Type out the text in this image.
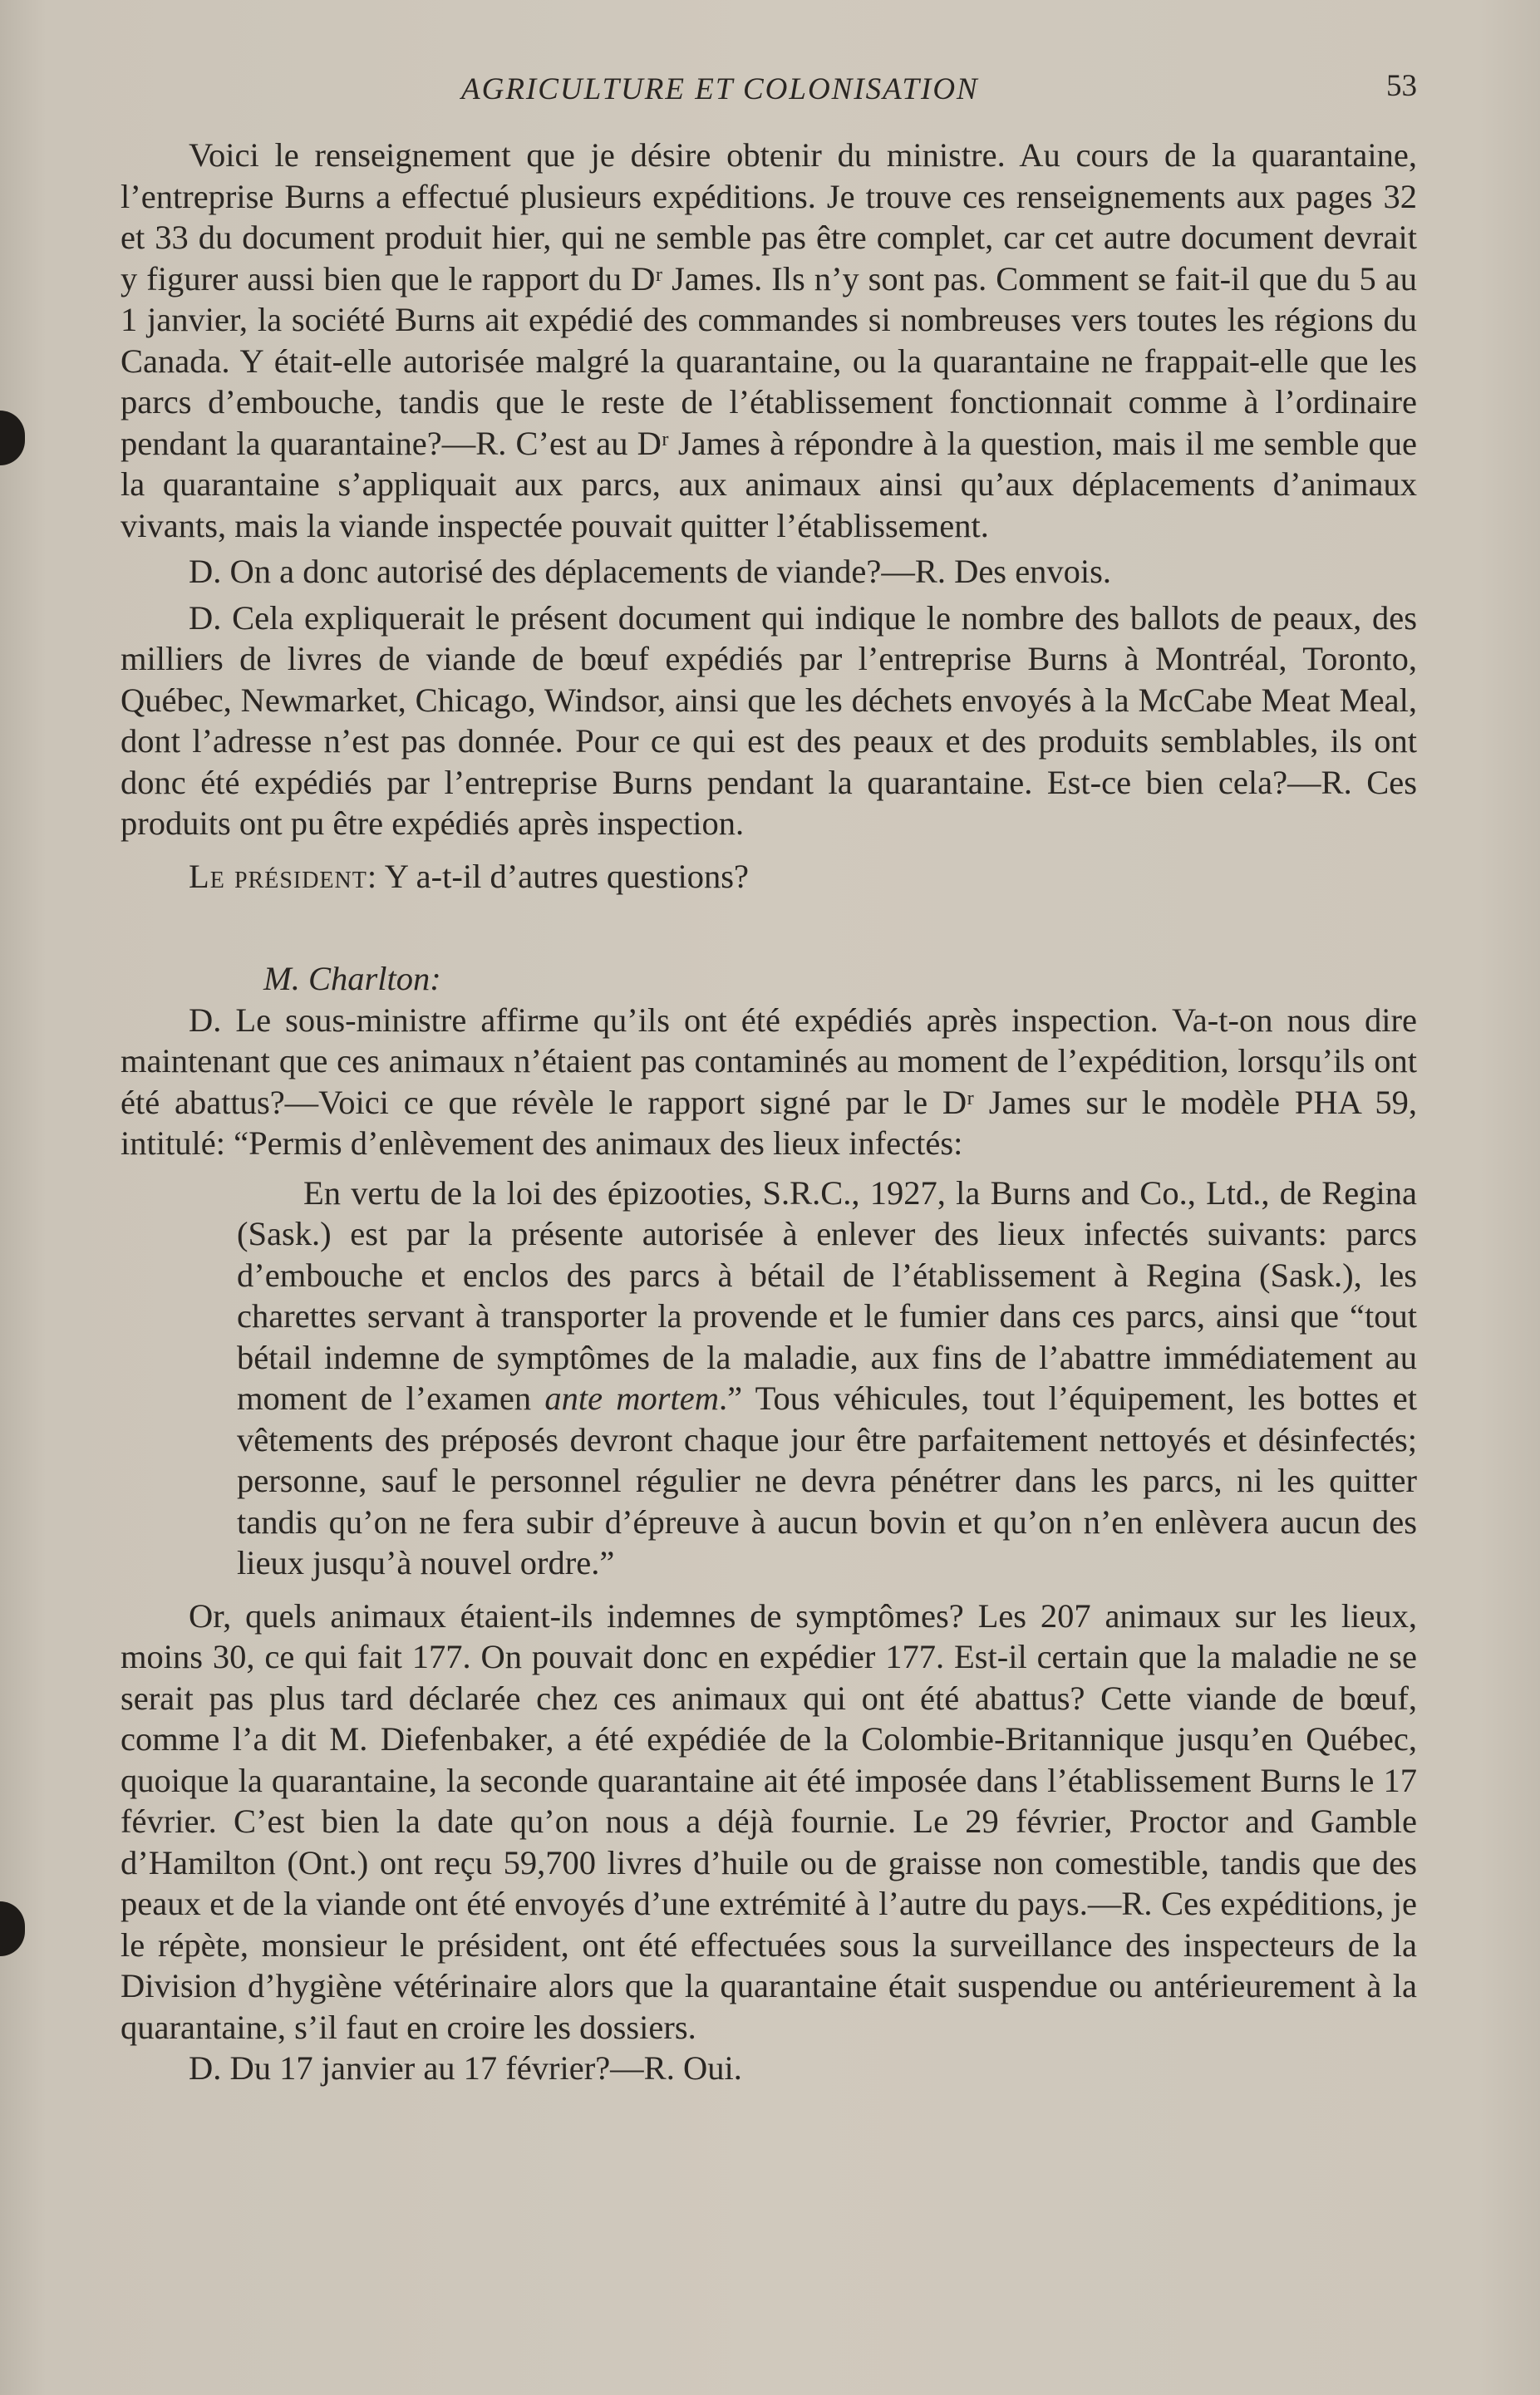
AGRICULTURE ET COLONISATION	53

Voici le renseignement que je désire obtenir du ministre. Au cours de la quarantaine, l’entreprise Burns a effectué plusieurs expéditions. Je trouve ces renseignements aux pages 32 et 33 du document produit hier, qui ne semble pas être complet, car cet autre document devrait y figurer aussi bien que le rapport du Dʳ James. Ils n’y sont pas. Comment se fait-il que du 5 au 1 janvier, la société Burns ait expédié des commandes si nombreuses vers toutes les régions du Canada. Y était-elle autorisée malgré la quarantaine, ou la quarantaine ne frappait-elle que les parcs d’embouche, tandis que le reste de l’établissement fonctionnait comme à l’ordinaire pendant la quarantaine?—R. C’est au Dʳ James à répondre à la question, mais il me semble que la quarantaine s’appliquait aux parcs, aux animaux ainsi qu’aux déplacements d’animaux vivants, mais la viande inspectée pouvait quitter l’établissement.

D. On a donc autorisé des déplacements de viande?—R. Des envois.

D. Cela expliquerait le présent document qui indique le nombre des ballots de peaux, des milliers de livres de viande de bœuf expédiés par l’entreprise Burns à Montréal, Toronto, Québec, Newmarket, Chicago, Windsor, ainsi que les déchets envoyés à la McCabe Meat Meal, dont l’adresse n’est pas donnée. Pour ce qui est des peaux et des produits semblables, ils ont donc été expédiés par l’entreprise Burns pendant la quarantaine. Est-ce bien cela?—R. Ces produits ont pu être expédiés après inspection.

Le président: Y a-t-il d’autres questions?

M. Charlton:

D. Le sous-ministre affirme qu’ils ont été expédiés après inspection. Va-t-on nous dire maintenant que ces animaux n’étaient pas contaminés au moment de l’expédition, lorsqu’ils ont été abattus?—Voici ce que révèle le rapport signé par le Dʳ James sur le modèle PHA 59, intitulé: “Permis d’enlèvement des animaux des lieux infectés:

En vertu de la loi des épizooties, S.R.C., 1927, la Burns and Co., Ltd., de Regina (Sask.) est par la présente autorisée à enlever des lieux infectés suivants: parcs d’embouche et enclos des parcs à bétail de l’établissement à Regina (Sask.), les charettes servant à transporter la provende et le fumier dans ces parcs, ainsi que “tout bétail indemne de symptômes de la maladie, aux fins de l’abattre immédiatement au moment de l’examen ante mortem.” Tous véhicules, tout l’équipement, les bottes et vêtements des préposés devront chaque jour être parfaitement nettoyés et désinfectés; personne, sauf le personnel régulier ne devra pénétrer dans les parcs, ni les quitter tandis qu’on ne fera subir d’épreuve à aucun bovin et qu’on n’en enlèvera aucun des lieux jusqu’à nouvel ordre.”

Or, quels animaux étaient-ils indemnes de symptômes? Les 207 animaux sur les lieux, moins 30, ce qui fait 177. On pouvait donc en expédier 177. Est-il certain que la maladie ne se serait pas plus tard déclarée chez ces animaux qui ont été abattus? Cette viande de bœuf, comme l’a dit M. Diefenbaker, a été expédiée de la Colombie-Britannique jusqu’en Québec, quoique la quarantaine, la seconde quarantaine ait été imposée dans l’établissement Burns le 17 février. C’est bien la date qu’on nous a déjà fournie. Le 29 février, Proctor and Gamble d’Hamilton (Ont.) ont reçu 59,700 livres d’huile ou de graisse non comestible, tandis que des peaux et de la viande ont été envoyés d’une extrémité à l’autre du pays.—R. Ces expéditions, je le répète, monsieur le président, ont été effectuées sous la surveillance des inspecteurs de la Division d’hygiène vétérinaire alors que la quarantaine était suspendue ou antérieurement à la quarantaine, s’il faut en croire les dossiers.

D. Du 17 janvier au 17 février?—R. Oui.
